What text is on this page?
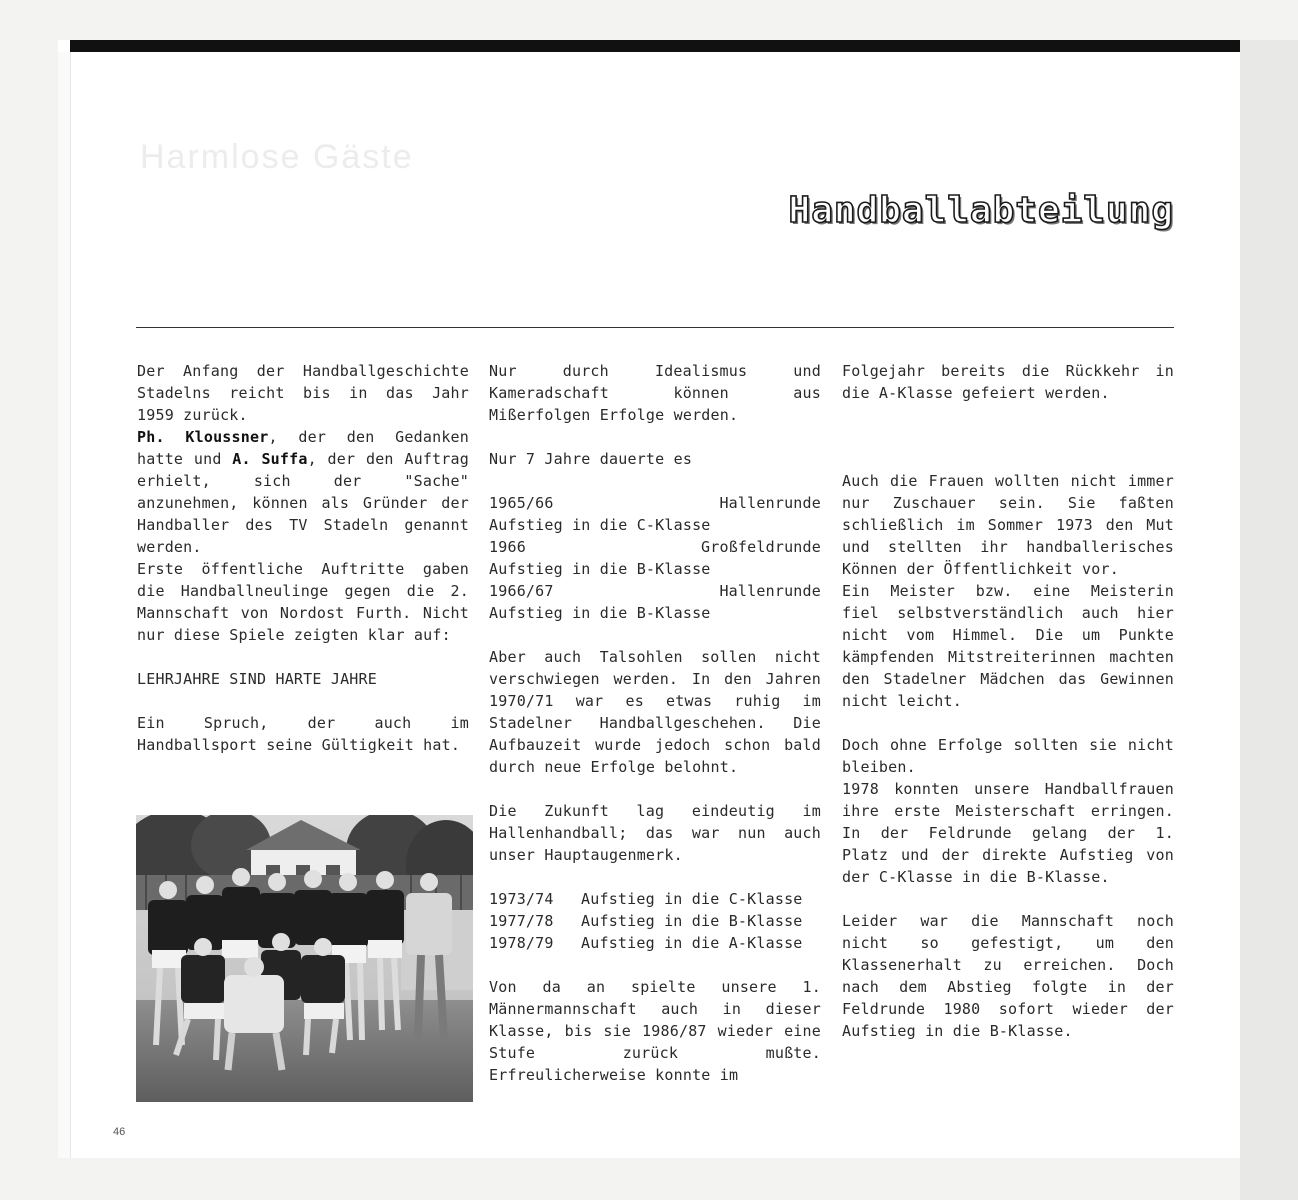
Harmlose Gäste
Handballabteilung

Der Anfang der Handballgeschichte Stadelns reicht bis in das Jahr 1959 zurück.

Ph. Kloussner, der den Gedanken hatte und A. Suffa, der den Auftrag erhielt, sich der "Sache" anzunehmen, können als Gründer der Handballer des TV Stadeln genannt werden.

Erste öffentliche Auftritte gaben die Handballneulinge gegen die 2. Mannschaft von Nordost Furth. Nicht nur diese Spiele zeigten klar auf:

LEHRJAHRE SIND HARTE JAHRE

Ein Spruch, der auch im Handballsport seine Gültigkeit hat.

Nur durch Idealismus und Kameradschaft können aus Mißerfolgen Erfolge werden.

Nur 7 Jahre dauerte es

1965/66	Hallenrunde
Aufstieg in die C-Klasse
1966	Großfeldrunde
Aufstieg in die B-Klasse
1966/67	Hallenrunde
Aufstieg in die B-Klasse

Aber auch Talsohlen sollen nicht verschwiegen werden. In den Jahren 1970/71 war es etwas ruhig im Stadelner Handballgeschehen. Die Aufbauzeit wurde jedoch schon bald durch neue Erfolge belohnt.

Die Zukunft lag eindeutig im Hallenhandball; das war nun auch unser Hauptaugenmerk.

1973/74	Aufstieg in die C-Klasse
1977/78	Aufstieg in die B-Klasse
1978/79	Aufstieg in die A-Klasse

Von da an spielte unsere 1. Männermannschaft auch in dieser Klasse, bis sie 1986/87 wieder eine Stufe zurück mußte. Erfreulicherweise konnte im

Folgejahr bereits die Rückkehr in die A-Klasse gefeiert werden.

Auch die Frauen wollten nicht immer nur Zuschauer sein. Sie faßten schließlich im Sommer 1973 den Mut und stellten ihr handballerisches Können der Öffentlichkeit vor.

Ein Meister bzw. eine Meisterin fiel selbstverständlich auch hier nicht vom Himmel. Die um Punkte kämpfenden Mitstreiterinnen machten den Stadelner Mädchen das Gewinnen nicht leicht.

Doch ohne Erfolge sollten sie nicht bleiben.

1978 konnten unsere Handballfrauen ihre erste Meisterschaft erringen. In der Feldrunde gelang der 1. Platz und der direkte Aufstieg von der C-Klasse in die B-Klasse.

Leider war die Mannschaft noch nicht so gefestigt, um den Klassenerhalt zu erreichen. Doch nach dem Abstieg folgte in der Feldrunde 1980 sofort wieder der Aufstieg in die B-Klasse.

46
